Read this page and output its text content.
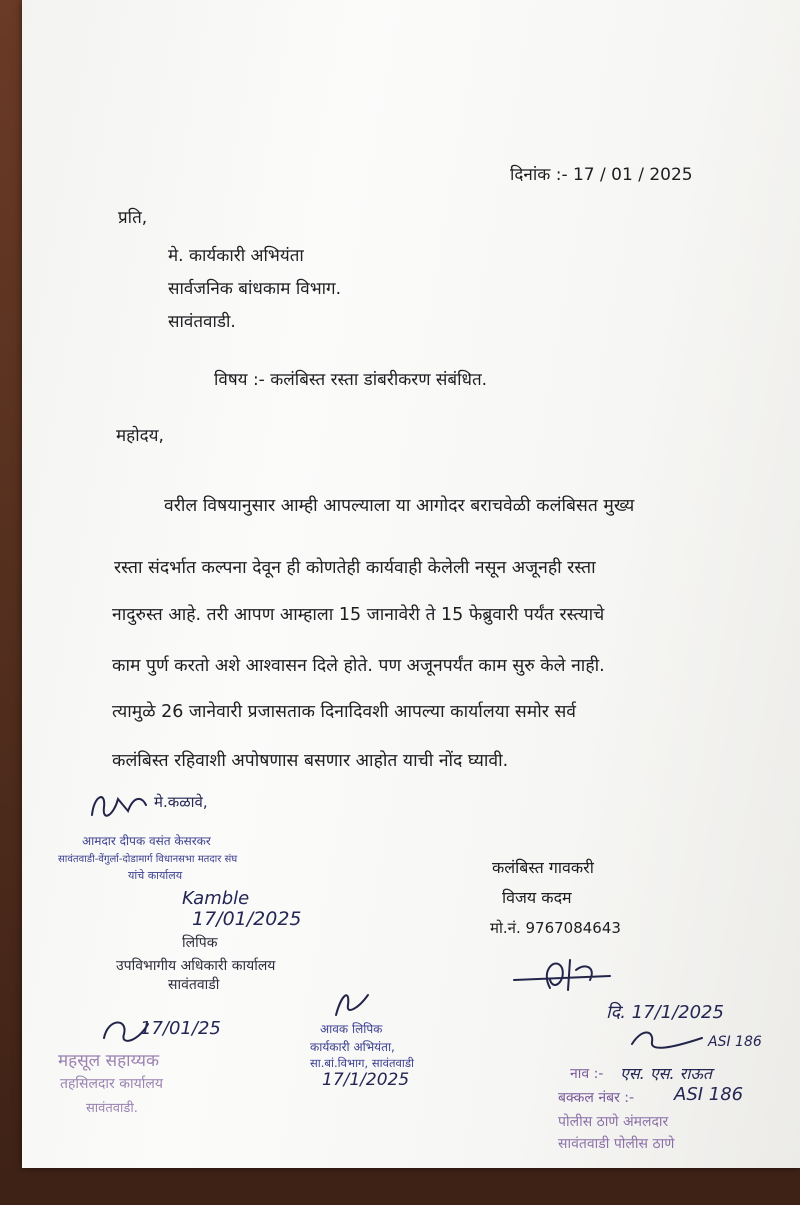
दिनांक :- 17 / 01 / 2025
प्रति,
मे. कार्यकारी अभियंता
सार्वजनिक बांधकाम विभाग.
सावंतवाडी.
विषय :- कलंबिस्त रस्ता डांबरीकरण संबंधित.
महोदय,
वरील विषयानुसार आम्ही आपल्याला या आगोदर बराचवेळी कलंबिसत मुख्य
रस्ता संदर्भात कल्पना देवून ही कोणतेही कार्यवाही केलेली नसून अजूनही रस्ता
नादुरुस्त आहे. तरी आपण आम्हाला 15 जानावेरी ते 15 फेब्रुवारी पर्यंत रस्त्याचे
काम पुर्ण करतो अशे आश्वासन दिले होते. पण अजूनपर्यंत काम सुरु केले नाही.
त्यामुळे 26 जानेवारी प्रजासताक दिनादिवशी आपल्या कार्यालया समोर सर्व
कलंबिस्त रहिवाशी अपोषणास बसणार आहोत याची नोंद घ्यावी.
मे.कळावे,
आमदार दीपक वसंत केसरकर
सावंतवाडी-वेंगुर्ला-दोडामार्ग विधानसभा मतदार संघ
यांचे कार्यालय
Kamble
17/01/2025
लिपिक
उपविभागीय अधिकारी कार्यालय
सावंतवाडी
कलंबिस्त गावकरी
विजय कदम
मो.नं. 9767084643
17/01/25
महसूल सहाय्यक
तहसिलदार कार्यालय
सावंतवाडी.
आवक लिपिक
कार्यकारी अभियंता,
सा.बां.विभाग, सावंतवाडी
17/1/2025
दि. 17/1/2025
ASI 186
नाव :- एस. एस. राऊत
बक्कल नंबर :- ASI 186
पोलीस ठाणे अंमलदार
सावंतवाडी पोलीस ठाणे
